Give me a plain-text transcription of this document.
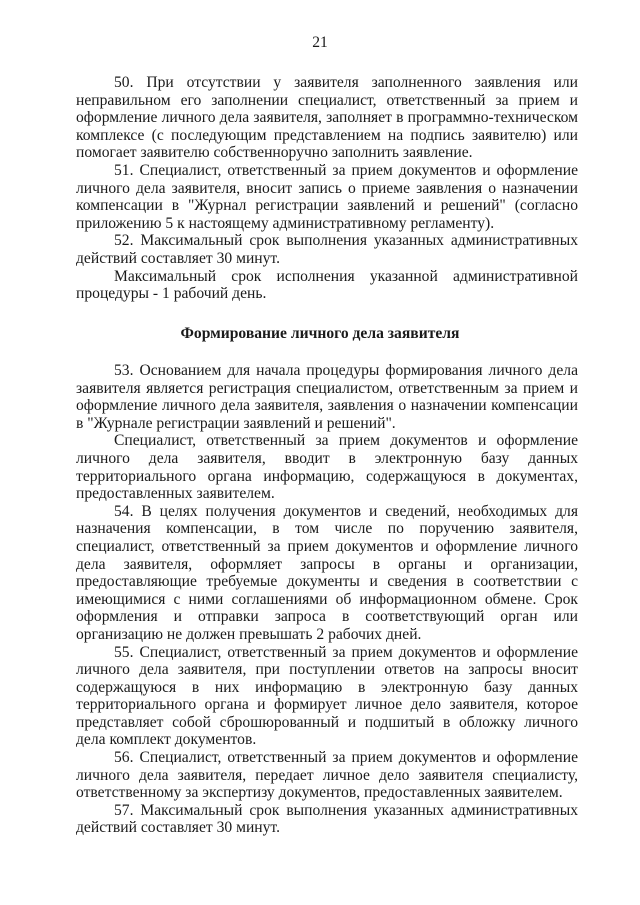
21

50. При отсутствии у заявителя заполненного заявления или неправильном его заполнении специалист, ответственный за прием и оформление личного дела заявителя, заполняет в программно-техническом комплексе (с последующим представлением на подпись заявителю) или помогает заявителю собственноручно заполнить заявление.

51. Специалист, ответственный за прием документов и оформление личного дела заявителя, вносит запись о приеме заявления о назначении компенсации в "Журнал регистрации заявлений и решений" (согласно приложению 5 к настоящему административному регламенту).

52. Максимальный срок выполнения указанных административных действий составляет 30 минут.

Максимальный срок исполнения указанной административной процедуры - 1 рабочий день.

Формирование личного дела заявителя

53. Основанием для начала процедуры формирования личного дела заявителя является регистрация специалистом, ответственным за прием и оформление личного дела заявителя, заявления о назначении компенсации в "Журнале регистрации заявлений и решений".

Специалист, ответственный за прием документов и оформление личного дела заявителя, вводит в электронную базу данных территориального органа информацию, содержащуюся в документах, предоставленных заявителем.

54. В целях получения документов и сведений, необходимых для назначения компенсации, в том числе по поручению заявителя, специалист, ответственный за прием документов и оформление личного дела заявителя, оформляет запросы в органы и организации, предоставляющие требуемые документы и сведения в соответствии с имеющимися с ними соглашениями об информационном обмене. Срок оформления и отправки запроса в соответствующий орган или организацию не должен превышать 2 рабочих дней.

55. Специалист, ответственный за прием документов и оформление личного дела заявителя, при поступлении ответов на запросы вносит содержащуюся в них информацию в электронную базу данных территориального органа и формирует личное дело заявителя, которое представляет собой сброшюрованный и подшитый в обложку личного дела комплект документов.

56. Специалист, ответственный за прием документов и оформление личного дела заявителя, передает личное дело заявителя специалисту, ответственному за экспертизу документов, предоставленных заявителем.

57. Максимальный срок выполнения указанных административных действий составляет 30 минут.
